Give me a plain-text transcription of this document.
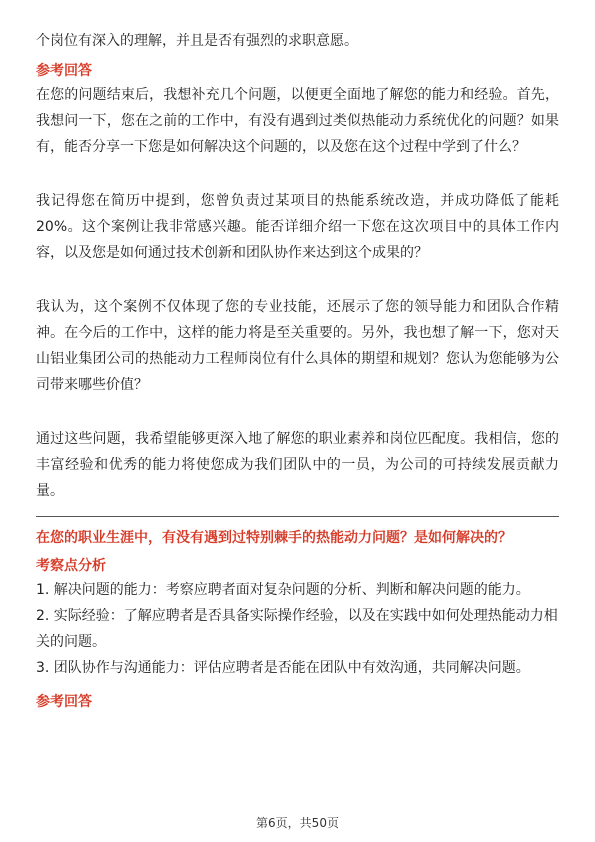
个岗位有深入的理解，并且是否有强烈的求职意愿。

参考回答

在您的问题结束后，我想补充几个问题，以便更全面地了解您的能力和经验。首先，我想问一下，您在之前的工作中，有没有遇到过类似热能动力系统优化的问题？如果有，能否分享一下您是如何解决这个问题的，以及您在这个过程中学到了什么？

我记得您在简历中提到，您曾负责过某项目的热能系统改造，并成功降低了能耗20%。这个案例让我非常感兴趣。能否详细介绍一下您在这次项目中的具体工作内容，以及您是如何通过技术创新和团队协作来达到这个成果的？

我认为，这个案例不仅体现了您的专业技能，还展示了您的领导能力和团队合作精神。在今后的工作中，这样的能力将是至关重要的。另外，我也想了解一下，您对天山铝业集团公司的热能动力工程师岗位有什么具体的期望和规划？您认为您能够为公司带来哪些价值？

通过这些问题，我希望能够更深入地了解您的职业素养和岗位匹配度。我相信，您的丰富经验和优秀的能力将使您成为我们团队中的一员，为公司的可持续发展贡献力量。

在您的职业生涯中，有没有遇到过特别棘手的热能动力问题？是如何解决的？

考察点分析

1. 解决问题的能力：考察应聘者面对复杂问题的分析、判断和解决问题的能力。

2. 实际经验：了解应聘者是否具备实际操作经验，以及在实践中如何处理热能动力相关的问题。

3. 团队协作与沟通能力：评估应聘者是否能在团队中有效沟通，共同解决问题。

参考回答

第6页，共50页
